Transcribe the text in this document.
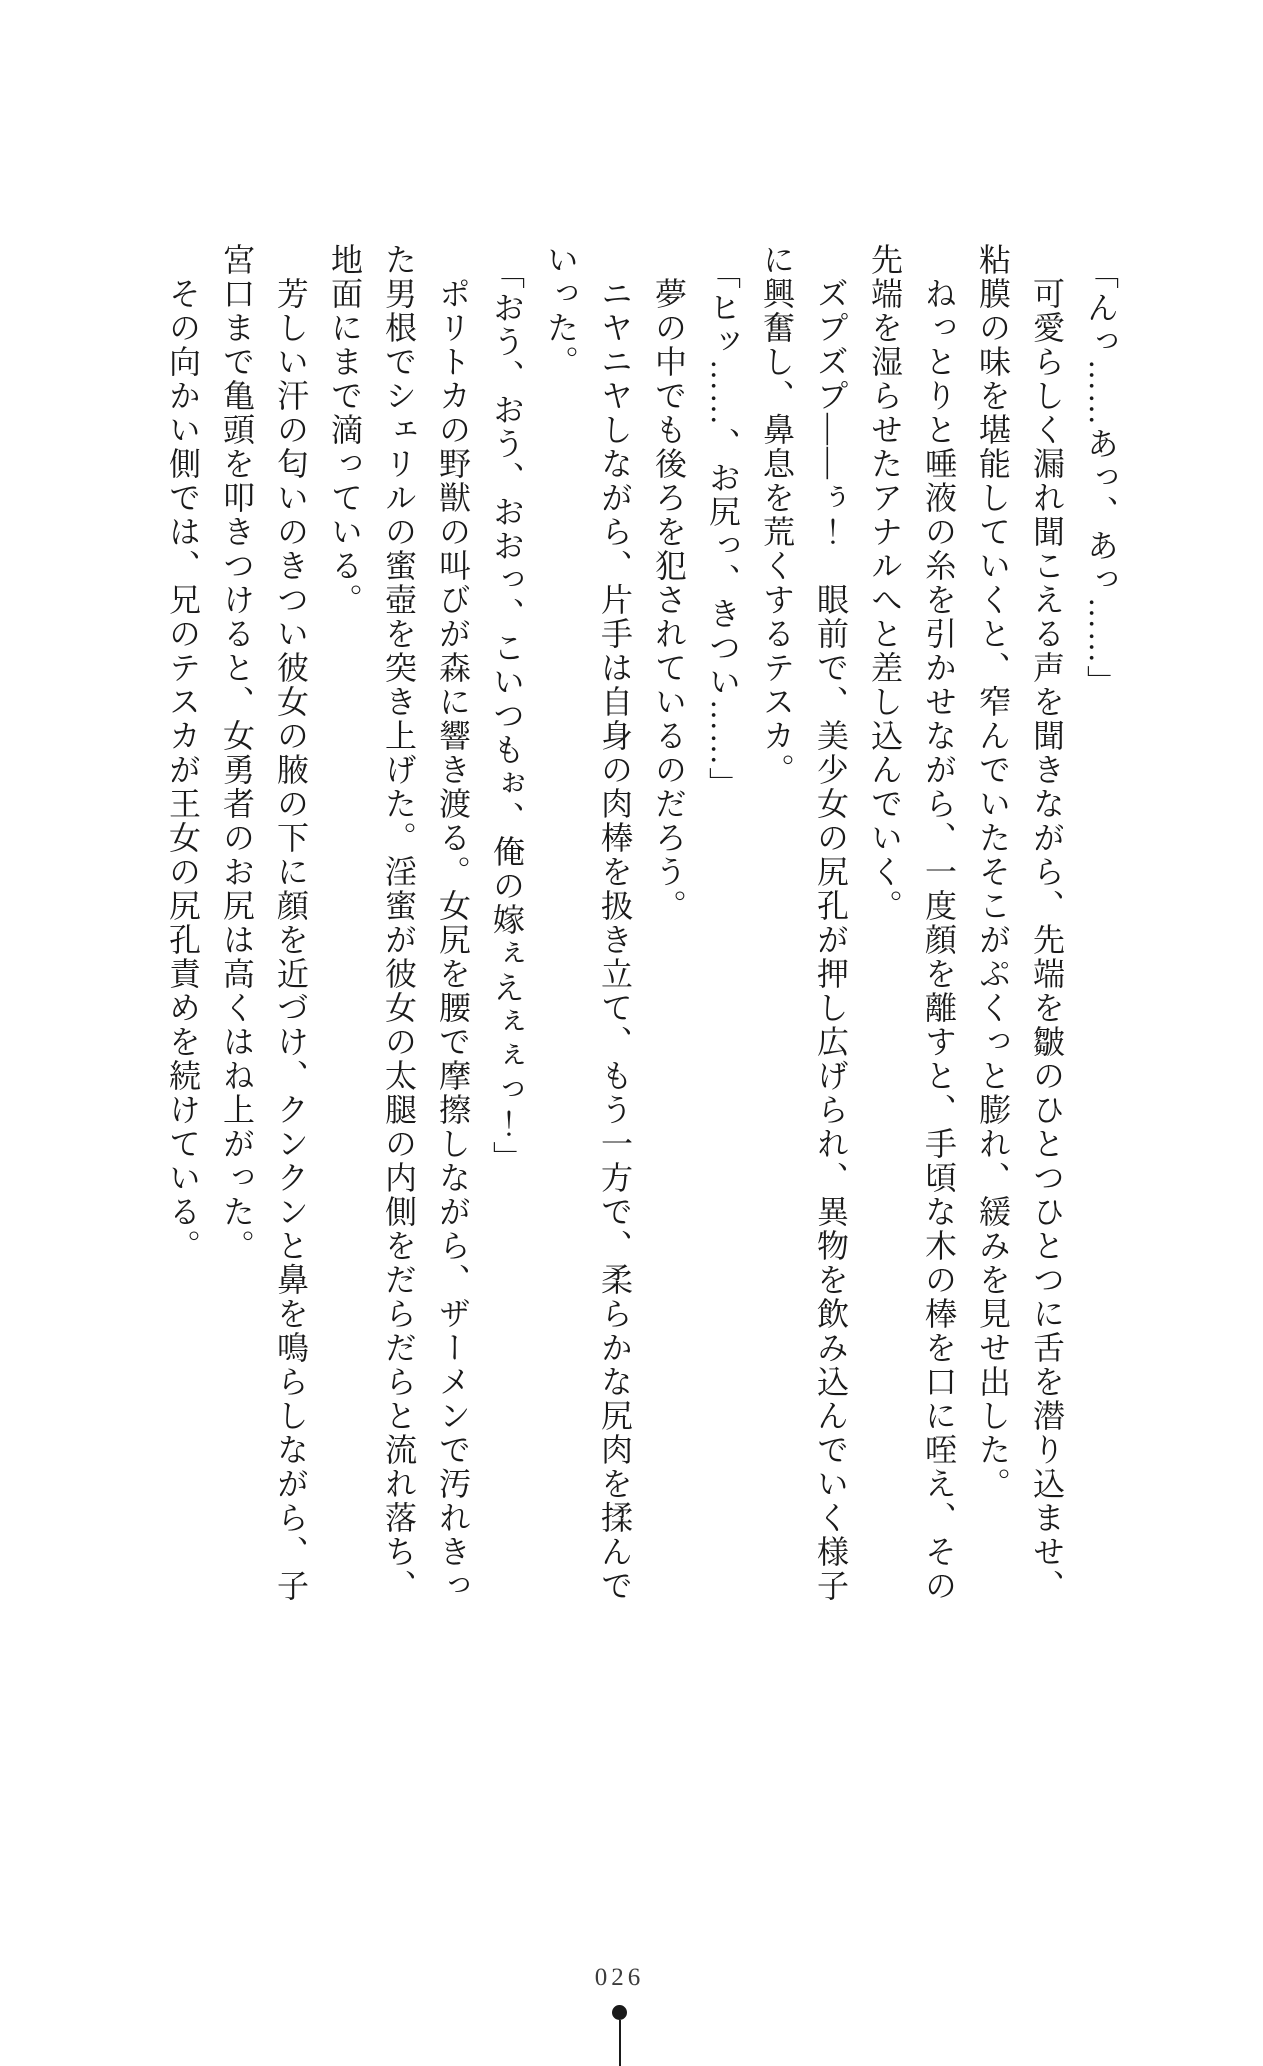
「んっ……あっ、あっ……」
可愛らしく漏れ聞こえる声を聞きながら、先端を皺のひとつひとつに舌を潜り込ませ、
粘膜の味を堪能していくと、窄んでいたそこがぷくっと膨れ、緩みを見せ出した。
ねっとりと唾液の糸を引かせながら、一度顔を離すと、手頃な木の棒を口に咥え、その
先端を湿らせたアナルへと差し込んでいく。
ズプズプ――ぅ！　眼前で、美少女の尻孔が押し広げられ、異物を飲み込んでいく様子
に興奮し、鼻息を荒くするテスカ。
「ヒッ……、お尻っ、きつい……」
夢の中でも後ろを犯されているのだろう。
ニヤニヤしながら、片手は自身の肉棒を扱き立て、もう一方で、柔らかな尻肉を揉んで
いった。
「おう、おう、おおっ、こいつもぉ、俺の嫁ぇえぇぇっ！」
ポリトカの野獣の叫びが森に響き渡る。女尻を腰で摩擦しながら、ザーメンで汚れきっ
た男根でシェリルの蜜壺を突き上げた。淫蜜が彼女の太腿の内側をだらだらと流れ落ち、
地面にまで滴っている。
芳しい汗の匂いのきつい彼女の腋の下に顔を近づけ、クンクンと鼻を鳴らしながら、子
宮口まで亀頭を叩きつけると、女勇者のお尻は高くはね上がった。
その向かい側では、兄のテスカが王女の尻孔責めを続けている。
026
